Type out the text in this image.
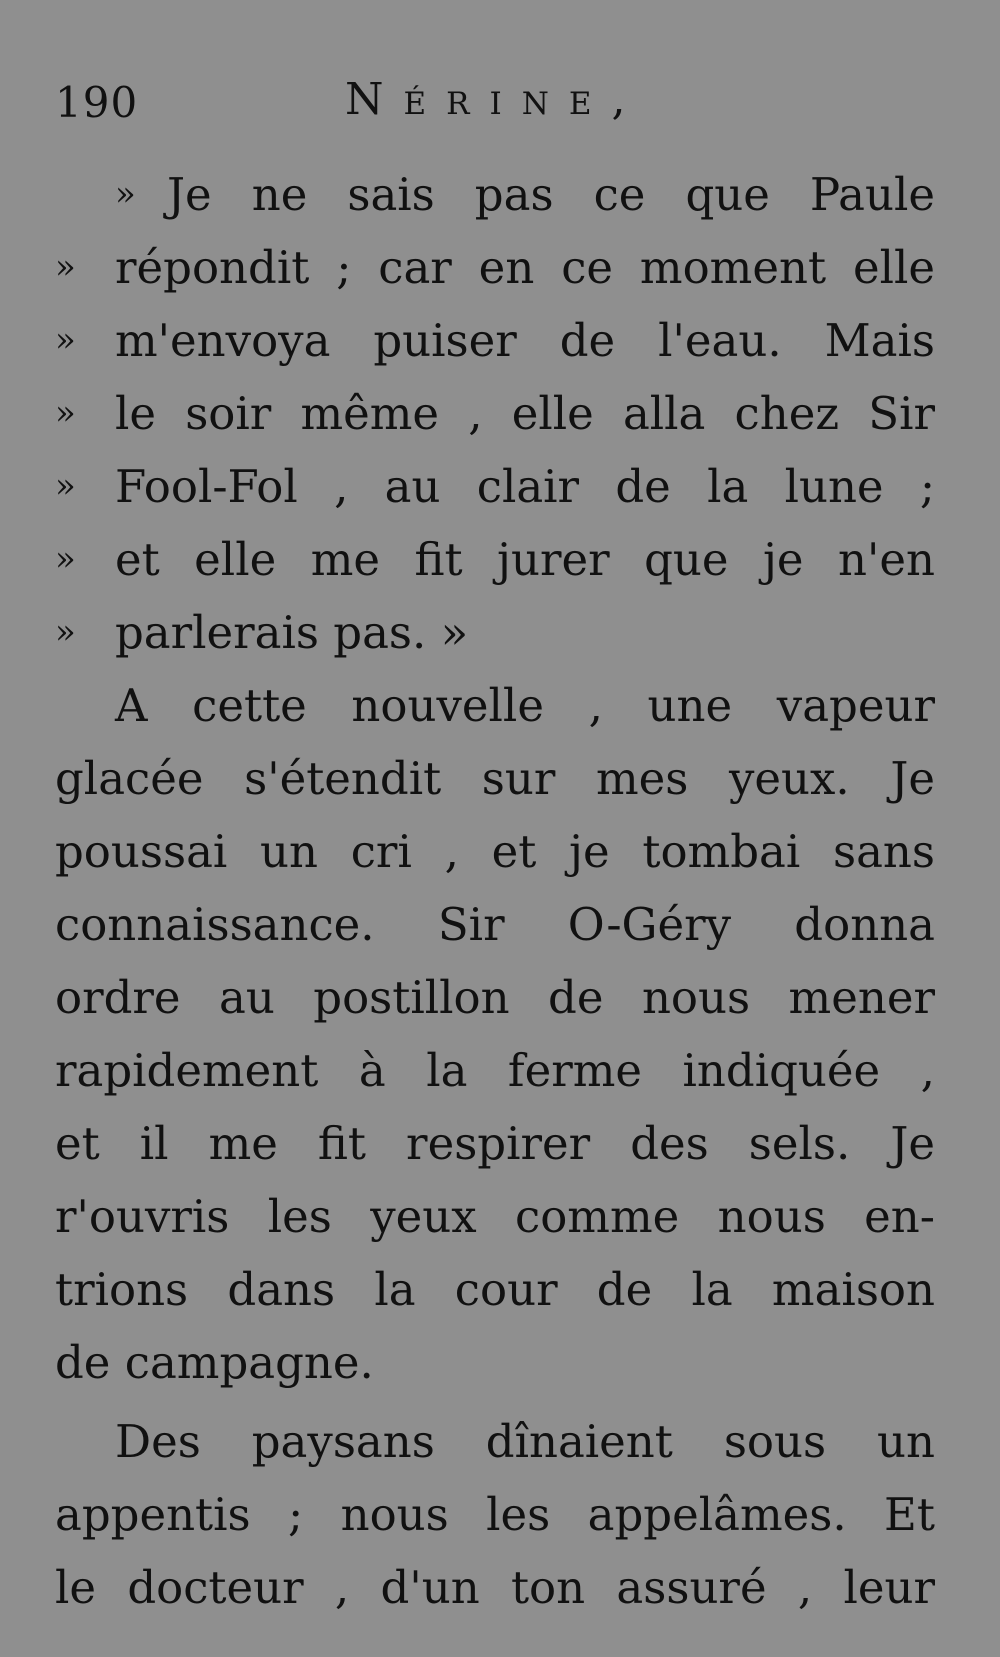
190	Nérine,
» Je ne sais pas ce que Paule
» répondit ; car en ce moment elle
» m'envoya puiser de l'eau. Mais
» le soir même , elle alla chez Sir
» Fool-Fol , au clair de la lune ;
» et elle me fit jurer que je n'en
» parlerais pas. »
A cette nouvelle , une vapeur
glacée s'étendit sur mes yeux. Je
poussai un cri , et je tombai sans
connaissance. Sir O-Géry donna
ordre au postillon de nous mener
rapidement à la ferme indiquée ,
et il me fit respirer des sels. Je
r'ouvris les yeux comme nous en-
trions dans la cour de la maison
de campagne.
Des paysans dînaient sous un
appentis ; nous les appelâmes. Et
le docteur , d'un ton assuré , leur
